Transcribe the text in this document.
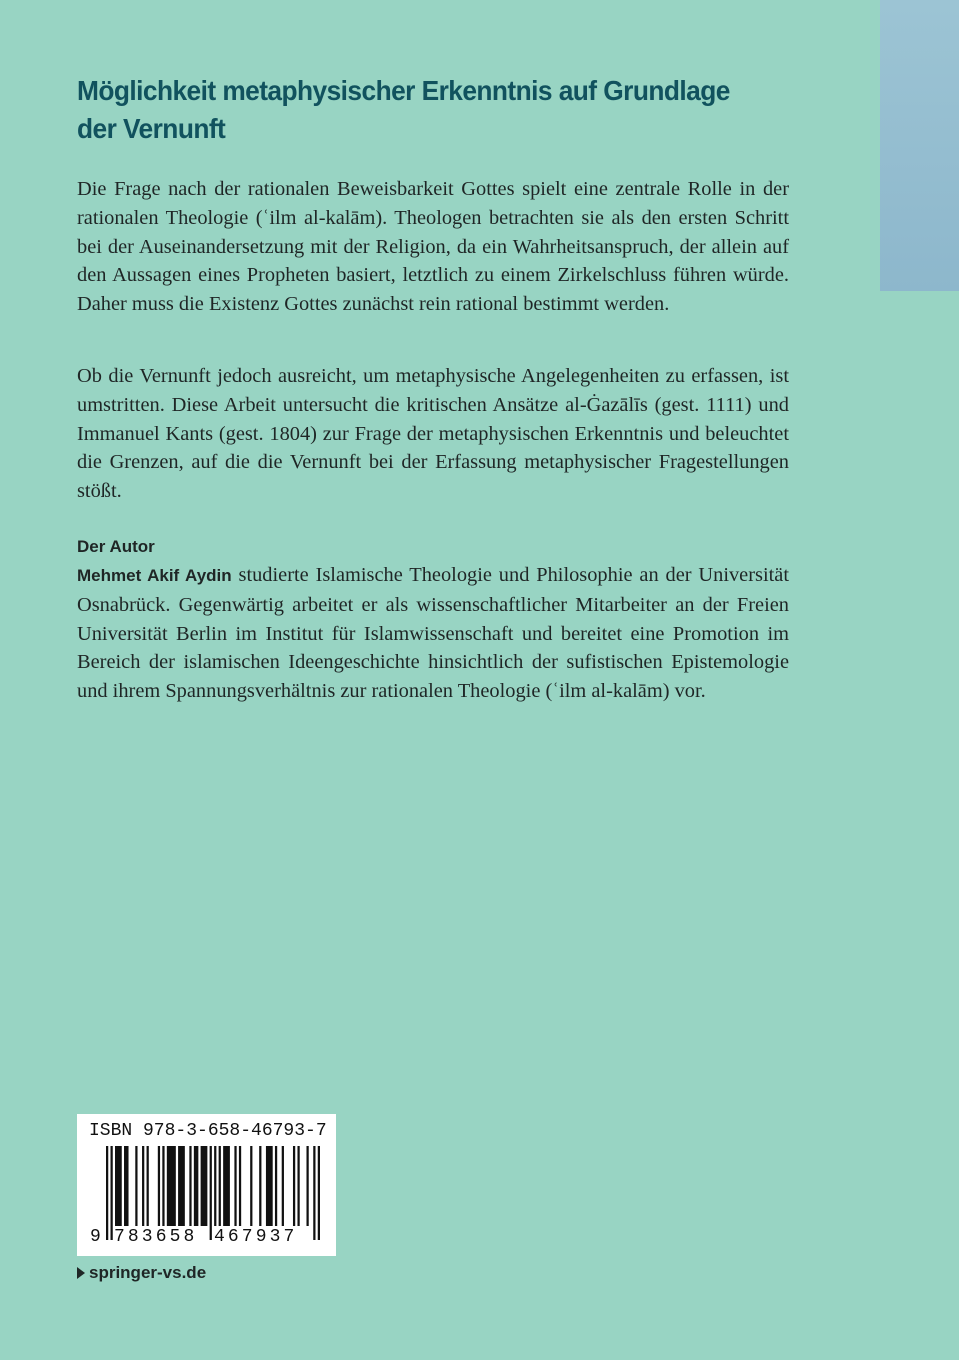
Möglichkeit metaphysischer Erkenntnis auf Grundlage der Vernunft

Die Frage nach der rationalen Beweisbarkeit Gottes spielt eine zentrale Rolle in der rationalen Theologie (ʿilm al-kalām). Theologen betrachten sie als den ersten Schritt bei der Auseinandersetzung mit der Religion, da ein Wahrheitsanspruch, der allein auf den Aussagen eines Propheten basiert, letztlich zu einem Zirkelschluss führen würde. Daher muss die Existenz Gottes zunächst rein rational bestimmt werden.

Ob die Vernunft jedoch ausreicht, um metaphysische Angelegenheiten zu erfassen, ist umstritten. Diese Arbeit untersucht die kritischen Ansätze al-Ġazālīs (gest. 1111) und Immanuel Kants (gest. 1804) zur Frage der metaphysischen Erkenntnis und beleuchtet die Grenzen, auf die die Vernunft bei der Erfassung metaphysischer Fragestellungen stößt.

Der Autor

Mehmet Akif Aydin studierte Islamische Theologie und Philosophie an der Universität Osnabrück. Gegenwärtig arbeitet er als wissenschaftlicher Mitarbeiter an der Freien Universität Berlin im Institut für Islamwissenschaft und bereitet eine Promotion im Bereich der islamischen Ideengeschichte hinsichtlich der sufistischen Epistemologie und ihrem Spannungsverhältnis zur rationalen Theologie (ʿilm al-kalām) vor.

ISBN 978-3-658-46793-7
9 783658 467937
springer-vs.de
